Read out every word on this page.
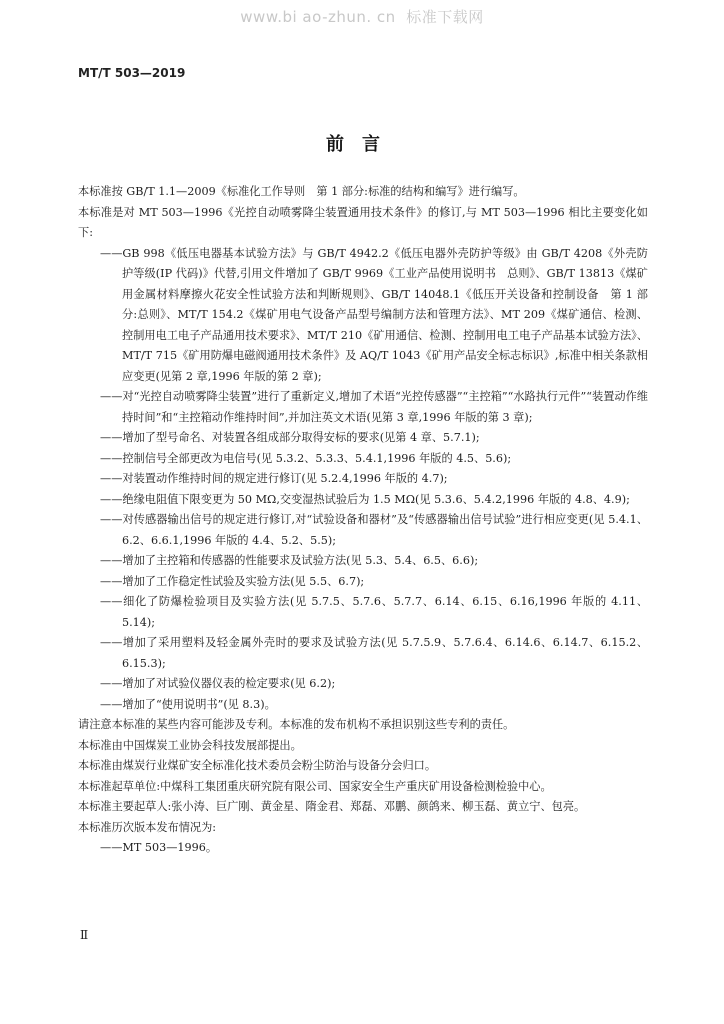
www.bi ao-zhun. cn  标准下载网
MT/T 503—2019
前言

本标准按 GB/T 1.1—2009《标准化工作导则　第 1 部分:标准的结构和编写》进行编写。

本标准是对 MT 503—1996《光控自动喷雾降尘装置通用技术条件》的修订,与 MT 503—1996 相比主要变化如下:

——GB 998《低压电器基本试验方法》与 GB/T 4942.2《低压电器外壳防护等级》由 GB/T 4208《外壳防护等级(IP 代码)》代替,引用文件增加了 GB/T 9969《工业产品使用说明书　总则》、GB/T 13813《煤矿用金属材料摩擦火花安全性试验方法和判断规则》、GB/T 14048.1《低压开关设备和控制设备　第 1 部分:总则》、MT/T 154.2《煤矿用电气设备产品型号编制方法和管理方法》、MT 209《煤矿通信、检测、控制用电工电子产品通用技术要求》、MT/T 210《矿用通信、检测、控制用电工电子产品基本试验方法》、MT/T 715《矿用防爆电磁阀通用技术条件》及 AQ/T 1043《矿用产品安全标志标识》,标准中相关条款相应变更(见第 2 章,1996 年版的第 2 章);

——对“光控自动喷雾降尘装置”进行了重新定义,增加了术语“光控传感器”“主控箱”“水路执行元件”“装置动作维持时间”和“主控箱动作维持时间”,并加注英文术语(见第 3 章,1996 年版的第 3 章);

——增加了型号命名、对装置各组成部分取得安标的要求(见第 4 章、5.7.1);

——控制信号全部更改为电信号(见 5.3.2、5.3.3、5.4.1,1996 年版的 4.5、5.6);

——对装置动作维持时间的规定进行修订(见 5.2.4,1996 年版的 4.7);

——绝缘电阻值下限变更为 50 MΩ,交变湿热试验后为 1.5 MΩ(见 5.3.6、5.4.2,1996 年版的 4.8、4.9);

——对传感器输出信号的规定进行修订,对“试验设备和器材”及“传感器输出信号试验”进行相应变更(见 5.4.1、6.2、6.6.1,1996 年版的 4.4、5.2、5.5);

——增加了主控箱和传感器的性能要求及试验方法(见 5.3、5.4、6.5、6.6);

——增加了工作稳定性试验及实验方法(见 5.5、6.7);

——细化了防爆检验项目及实验方法(见 5.7.5、5.7.6、5.7.7、6.14、6.15、6.16,1996 年版的 4.11、5.14);

——增加了采用塑料及轻金属外壳时的要求及试验方法(见 5.7.5.9、5.7.6.4、6.14.6、6.14.7、6.15.2、6.15.3);

——增加了对试验仪器仪表的检定要求(见 6.2);

——增加了“使用说明书”(见 8.3)。

请注意本标准的某些内容可能涉及专利。本标准的发布机构不承担识别这些专利的责任。

本标准由中国煤炭工业协会科技发展部提出。

本标准由煤炭行业煤矿安全标准化技术委员会粉尘防治与设备分会归口。

本标准起草单位:中煤科工集团重庆研究院有限公司、国家安全生产重庆矿用设备检测检验中心。

本标准主要起草人:张小涛、巨广刚、黄金星、隋金君、郑磊、邓鹏、颜鸽来、柳玉磊、黄立宁、包亮。

本标准历次版本发布情况为:

——MT 503—1996。

Ⅱ
